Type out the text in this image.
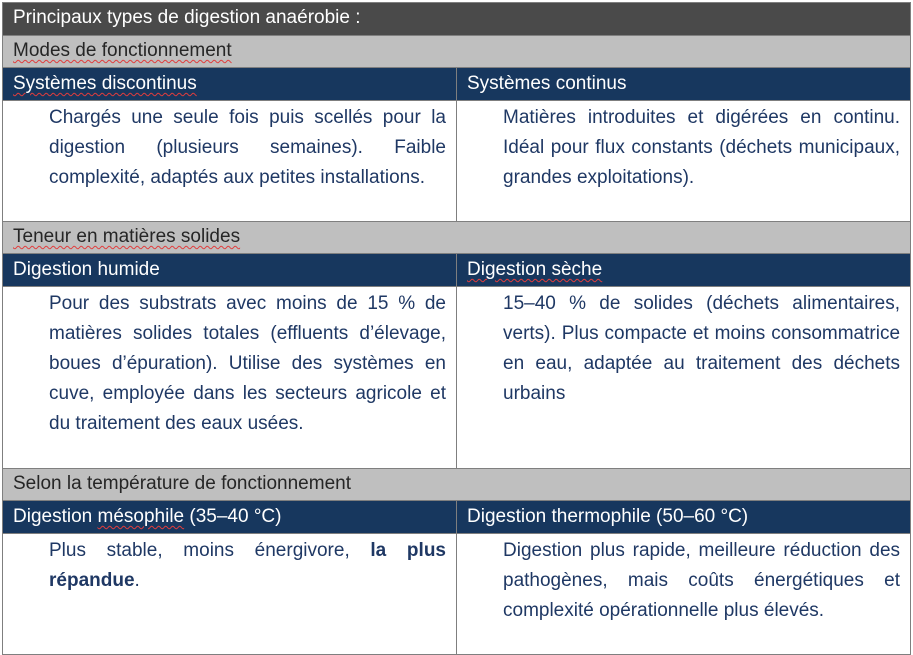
Principaux types de digestion anaérobie :	
Modes de fonctionnement	
Systèmes discontinus	Systèmes continus
Chargés une seule fois puis scellés pour la digestion (plusieurs semaines). Faible complexité, adaptés aux petites installations.	Matières introduites et digérées en continu. Idéal pour flux constants (déchets municipaux, grandes exploitations).
Teneur en matières solides	
Digestion humide	Digestion sèche
Pour des substrats avec moins de 15 % de matières solides totales (effluents d’élevage, boues d’épuration). Utilise des systèmes en cuve, employée dans les secteurs agricole et du traitement des eaux usées.	15–40 % de solides (déchets alimentaires, verts). Plus compacte et moins consommatrice en eau, adaptée au traitement des déchets urbains
Selon la température de fonctionnement	
Digestion mésophile (35–40 °C)	Digestion thermophile (50–60 °C)
Plus stable, moins énergivore, la plus répandue.	Digestion plus rapide, meilleure réduction des pathogènes, mais coûts énergétiques et complexité opérationnelle plus élevés.
